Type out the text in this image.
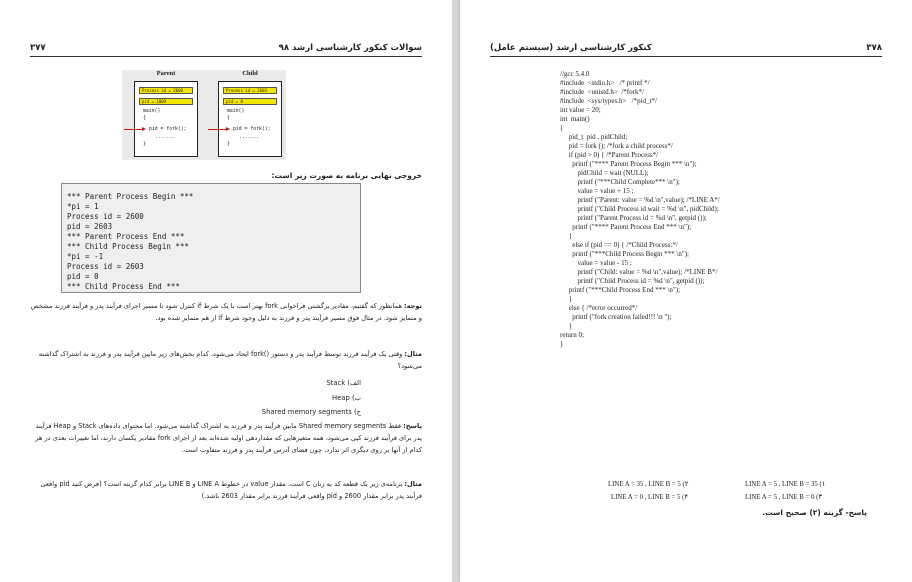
۳۷۷	سوالات کنکور کارشناسی ارشد ۹۸
Parent
Process id = 2600
pid = 1009
main()
{
pid = fork();
.......
}
Child
Process id = 2603
pid = 0
main()
{
pid = fork();
.......
}
خروجی نهایی برنامه به صورت زیر است:
*** Parent Process Begin ***
*pi = 1
Process id = 2600
pid = 2603
*** Parent Process End ***
*** Child Process Begin ***
*pi = -1
Process id = 2603
pid = 0
*** Child Process End ***
توجه: همانطور که گفتیم، مقادیر برگشتی فراخوانی fork بهتر است با یک شرط if کنترل شود تا مسیر اجرای فرآیند پدر و فرآیند فرزند مشخص و متمایز شود. در مثال فوق مسیر فرآیند پدر و فرزند به دلیل وجود شرط if از هم متمایز شده بود.
مثال: وقتی یک فرآیند فرزند توسط فرآیند پدر و دستور ()fork ایجاد می‌شود، کدام بخش‌های زیر مابین فرآیند پدر و فرزند به اشتراک گذاشته می‌شود؟
الف) Stack
ب) Heap
ج) Shared memory segments
پاسخ: فقط Shared memory segments مابین فرآیند پدر و فرزند به اشتراک گذاشته می‌شود. اما محتوای داده‌های Stack و Heap فرآیند پدر برای فرآیند فرزند کپی می‌شود، همه متغیرهایی که مقداردهی اولیه شده‌اند بعد از اجرای fork مقادیر یکسان دارند، اما تغییرات بعدی در هر کدام از آنها بر روی دیگری اثر ندارد، چون فضای آدرس فرآیند پدر و فرزند متفاوت است.
مثال: برنامه‌ی زیر یک قطعه کد به زبان C است. مقدار value در خطوط LINE A و LINE B برابر کدام گزینه است؟ (فرض کنید pid واقعی فرآیند پدر برابر مقدار 2600 و pid واقعی فرآیند فرزند برابر مقدار 2603 باشد.)
۳۷۸
کنکور کارشناسی ارشد (سیستم عامل)
//gcc 5.4.0
#include  <stdio.h>   /* printf */
#include  <unistd.h>  /*fork*/
#include  <sys/types.h>   /*pid_t*/
int value = 20;
int  main()
{
pid_t  pid , pidChild;
pid = fork (); /*fork a child process*/
if (pid > 0) { /*Parent Process*/
printf ("**** Parent Process Begin *** \n");
pidChild = wait (NULL);
printf ("***Child Complete*** \n");
value = value + 15 ;
printf ("Parent: value = %d \n",value); /*LINE A*/
printf ("Child Process id wait = %d \n", pidChild);
printf ("Parent Process id = %d \n", getpid ());
printf ("**** Parent Process End *** \n");
}
else if (pid == 0) { /*Child Process:*/
printf ("***Child Process Begin *** \n");
value = value - 15 ;
printf ("Child: value = %d \n",value); /*LINE B*/
printf ("Child Process id = %d \n", getpid ());
printf ("***Child Process End *** \n");
}
else { /*error occurred*/
printf ("fork creation failed!!! \n ");
}
return 0;
}
LINE A = 5 , LINE B = 35 (۱
LINE A = 35 , LINE B = 5 (۲
LINE A = 5 , LINE B = 0 (۳
LINE A = 0 , LINE B = 5 (۴
پاسخ- گزینه (۲) صحیح است.
